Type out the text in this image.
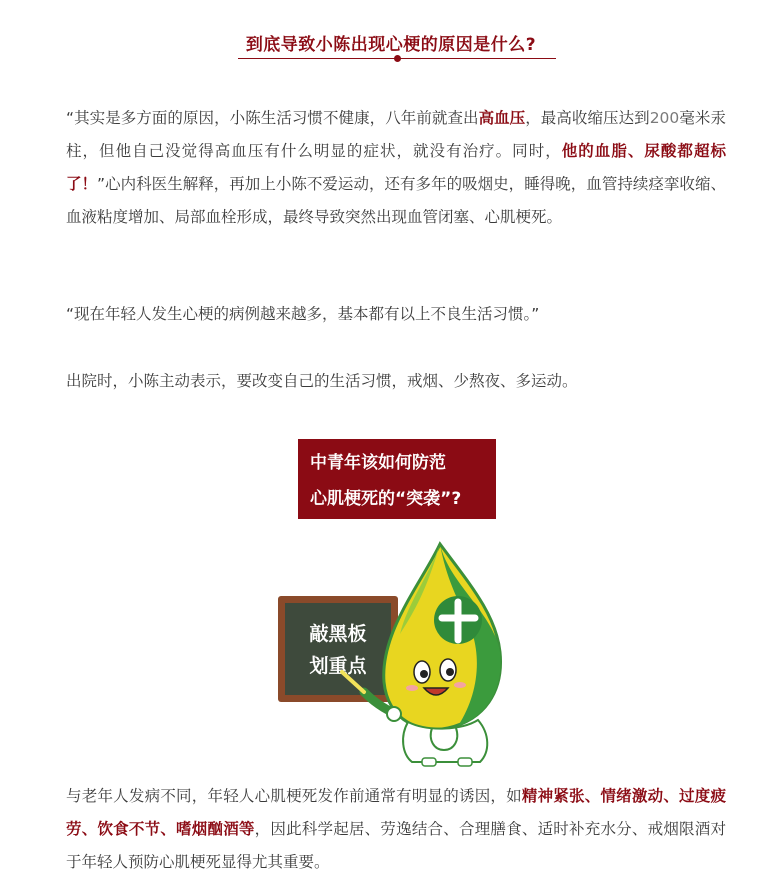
到底导致小陈出现心梗的原因是什么?

“其实是多方面的原因，小陈生活习惯不健康，八年前就查出高血压，最高收缩压达到200毫米汞柱，但他自己没觉得高血压有什么明显的症状，就没有治疗。同时，他的血脂、尿酸都超标了！”心内科医生解释，再加上小陈不爱运动，还有多年的吸烟史，睡得晚，血管持续痉挛收缩、血液粘度增加、局部血栓形成，最终导致突然出现血管闭塞、心肌梗死。

“现在年轻人发生心梗的病例越来越多，基本都有以上不良生活习惯。”

出院时，小陈主动表示，要改变自己的生活习惯，戒烟、少熬夜、多运动。

中青年该如何防范
心肌梗死的“突袭”?
敲黑板
划重点

与老年人发病不同，年轻人心肌梗死发作前通常有明显的诱因，如精神紧张、情绪激动、过度疲劳、饮食不节、嗜烟酗酒等，因此科学起居、劳逸结合、合理膳食、适时补充水分、戒烟限酒对于年轻人预防心肌梗死显得尤其重要。
